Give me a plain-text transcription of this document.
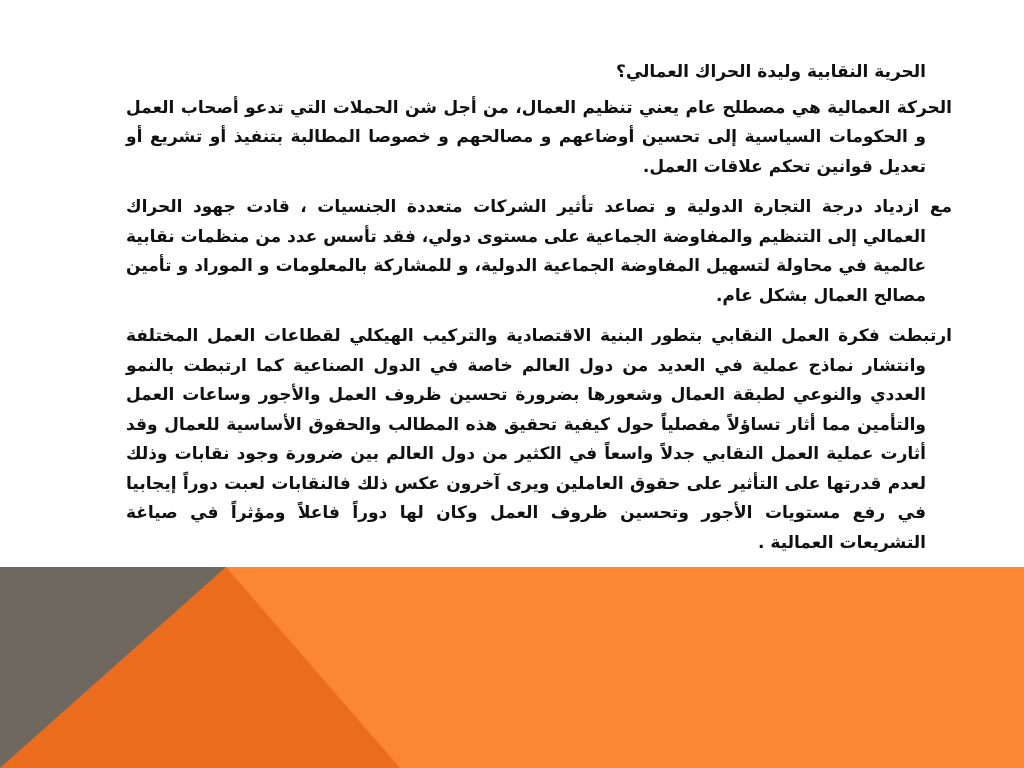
الحرية النقابية وليدة الحراك العمالي؟

الحركة العمالية هي مصطلح عام يعني تنظيم العمال، من أجل شن الحملات التي تدعو أصحاب العمل و الحكومات السياسية إلى تحسين أوضاعهم و مصالحهم و خصوصا المطالبة بتنفيذ أو تشريع أو تعديل قوانين تحكم علاقات العمل.

مع ازدياد درجة التجارة الدولية و تصاعد تأثير الشركات متعددة الجنسيات ، قادت جهود الحراك العمالي إلى التنظيم والمفاوضة الجماعية على مستوى دولي، فقد تأسس عدد من منظمات نقابية عالمية في محاولة لتسهيل المفاوضة الجماعية الدولية، و للمشاركة بالمعلومات و الموراد و تأمين مصالح العمال بشكل عام.

ارتبطت فكرة العمل النقابي بتطور البنية الاقتصادية والتركيب الهيكلي لقطاعات العمل المختلفة وانتشار نماذج عملية في العديد من دول العالم خاصة في الدول الصناعية كما ارتبطت بالنمو العددي والنوعي لطبقة العمال وشعورها بضرورة تحسين ظروف العمل والأجور وساعات العمل والتأمين مما أثار تساؤلاً مفصلياً حول كيفية تحقيق هذه المطالب والحقوق الأساسية للعمال وقد أثارت عملية العمل النقابي جدلاً واسعاً في الكثير من دول العالم بين ضرورة وجود نقابات وذلك لعدم قدرتها على التأثير على حقوق العاملين ويرى آخرون عكس ذلك فالنقابات لعبت دوراً إيجابيا في رفع مستويات الأجور وتحسين ظروف العمل وكان لها دوراً فاعلاً ومؤثراً في صياغة التشريعات العمالية .
